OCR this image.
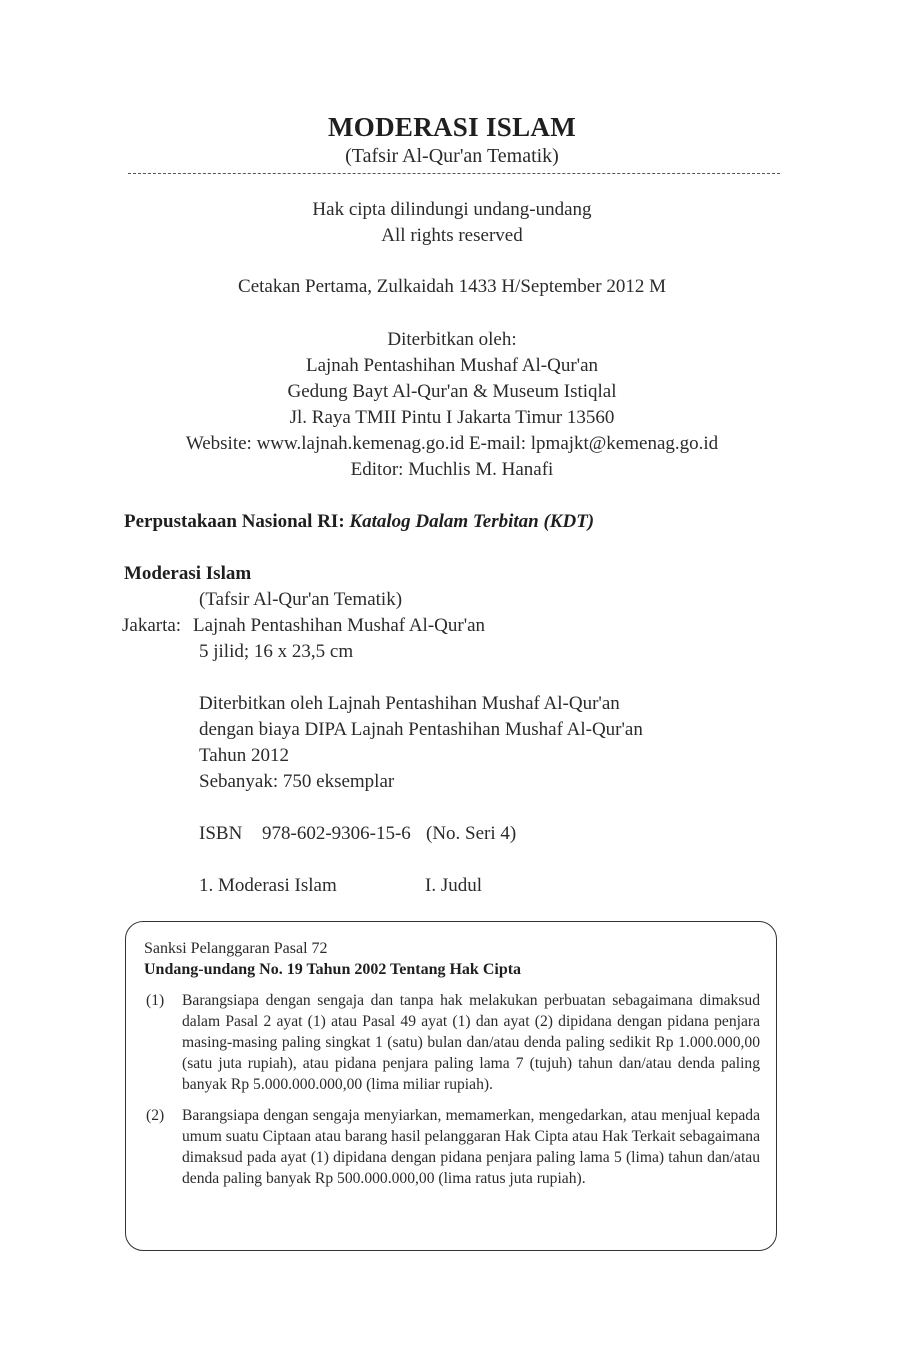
MODERASI ISLAM
(Tafsir Al-Qur'an Tematik)
Hak cipta dilindungi undang-undang
All rights reserved
Cetakan Pertama, Zulkaidah 1433 H/September 2012 M
Diterbitkan oleh:
Lajnah Pentashihan Mushaf Al-Qur'an
Gedung Bayt Al-Qur'an & Museum Istiqlal
Jl. Raya TMII Pintu I Jakarta Timur 13560
Website: www.lajnah.kemenag.go.id E-mail: lpmajkt@kemenag.go.id
Editor: Muchlis M. Hanafi
Perpustakaan Nasional RI: Katalog Dalam Terbitan (KDT)
Moderasi Islam
(Tafsir Al-Qur'an Tematik)
Jakarta: Lajnah Pentashihan Mushaf Al-Qur'an
5 jilid; 16 x 23,5 cm
Diterbitkan oleh Lajnah Pentashihan Mushaf Al-Qur'an
dengan biaya DIPA Lajnah Pentashihan Mushaf Al-Qur'an
Tahun 2012
Sebanyak: 750 eksemplar
ISBN 978-602-9306-15-6 (No. Seri 4)
1. Moderasi Islam	I. Judul
Sanksi Pelanggaran Pasal 72
Undang-undang No. 19 Tahun 2002 Tentang Hak Cipta
(1) Barangsiapa dengan sengaja dan tanpa hak melakukan perbuatan sebagaimana dimaksud dalam Pasal 2 ayat (1) atau Pasal 49 ayat (1) dan ayat (2) dipidana dengan pidana penjara masing-masing paling singkat 1 (satu) bulan dan/atau denda paling sedikit Rp 1.000.000,00 (satu juta rupiah), atau pidana penjara paling lama 7 (tujuh) tahun dan/atau denda paling banyak Rp 5.000.000.000,00 (lima miliar rupiah).
(2) Barangsiapa dengan sengaja menyiarkan, memamerkan, mengedarkan, atau menjual kepada umum suatu Ciptaan atau barang hasil pelanggaran Hak Cipta atau Hak Terkait sebagaimana dimaksud pada ayat (1) dipidana dengan pidana penjara paling lama 5 (lima) tahun dan/atau denda paling banyak Rp 500.000.000,00 (lima ratus juta rupiah).
